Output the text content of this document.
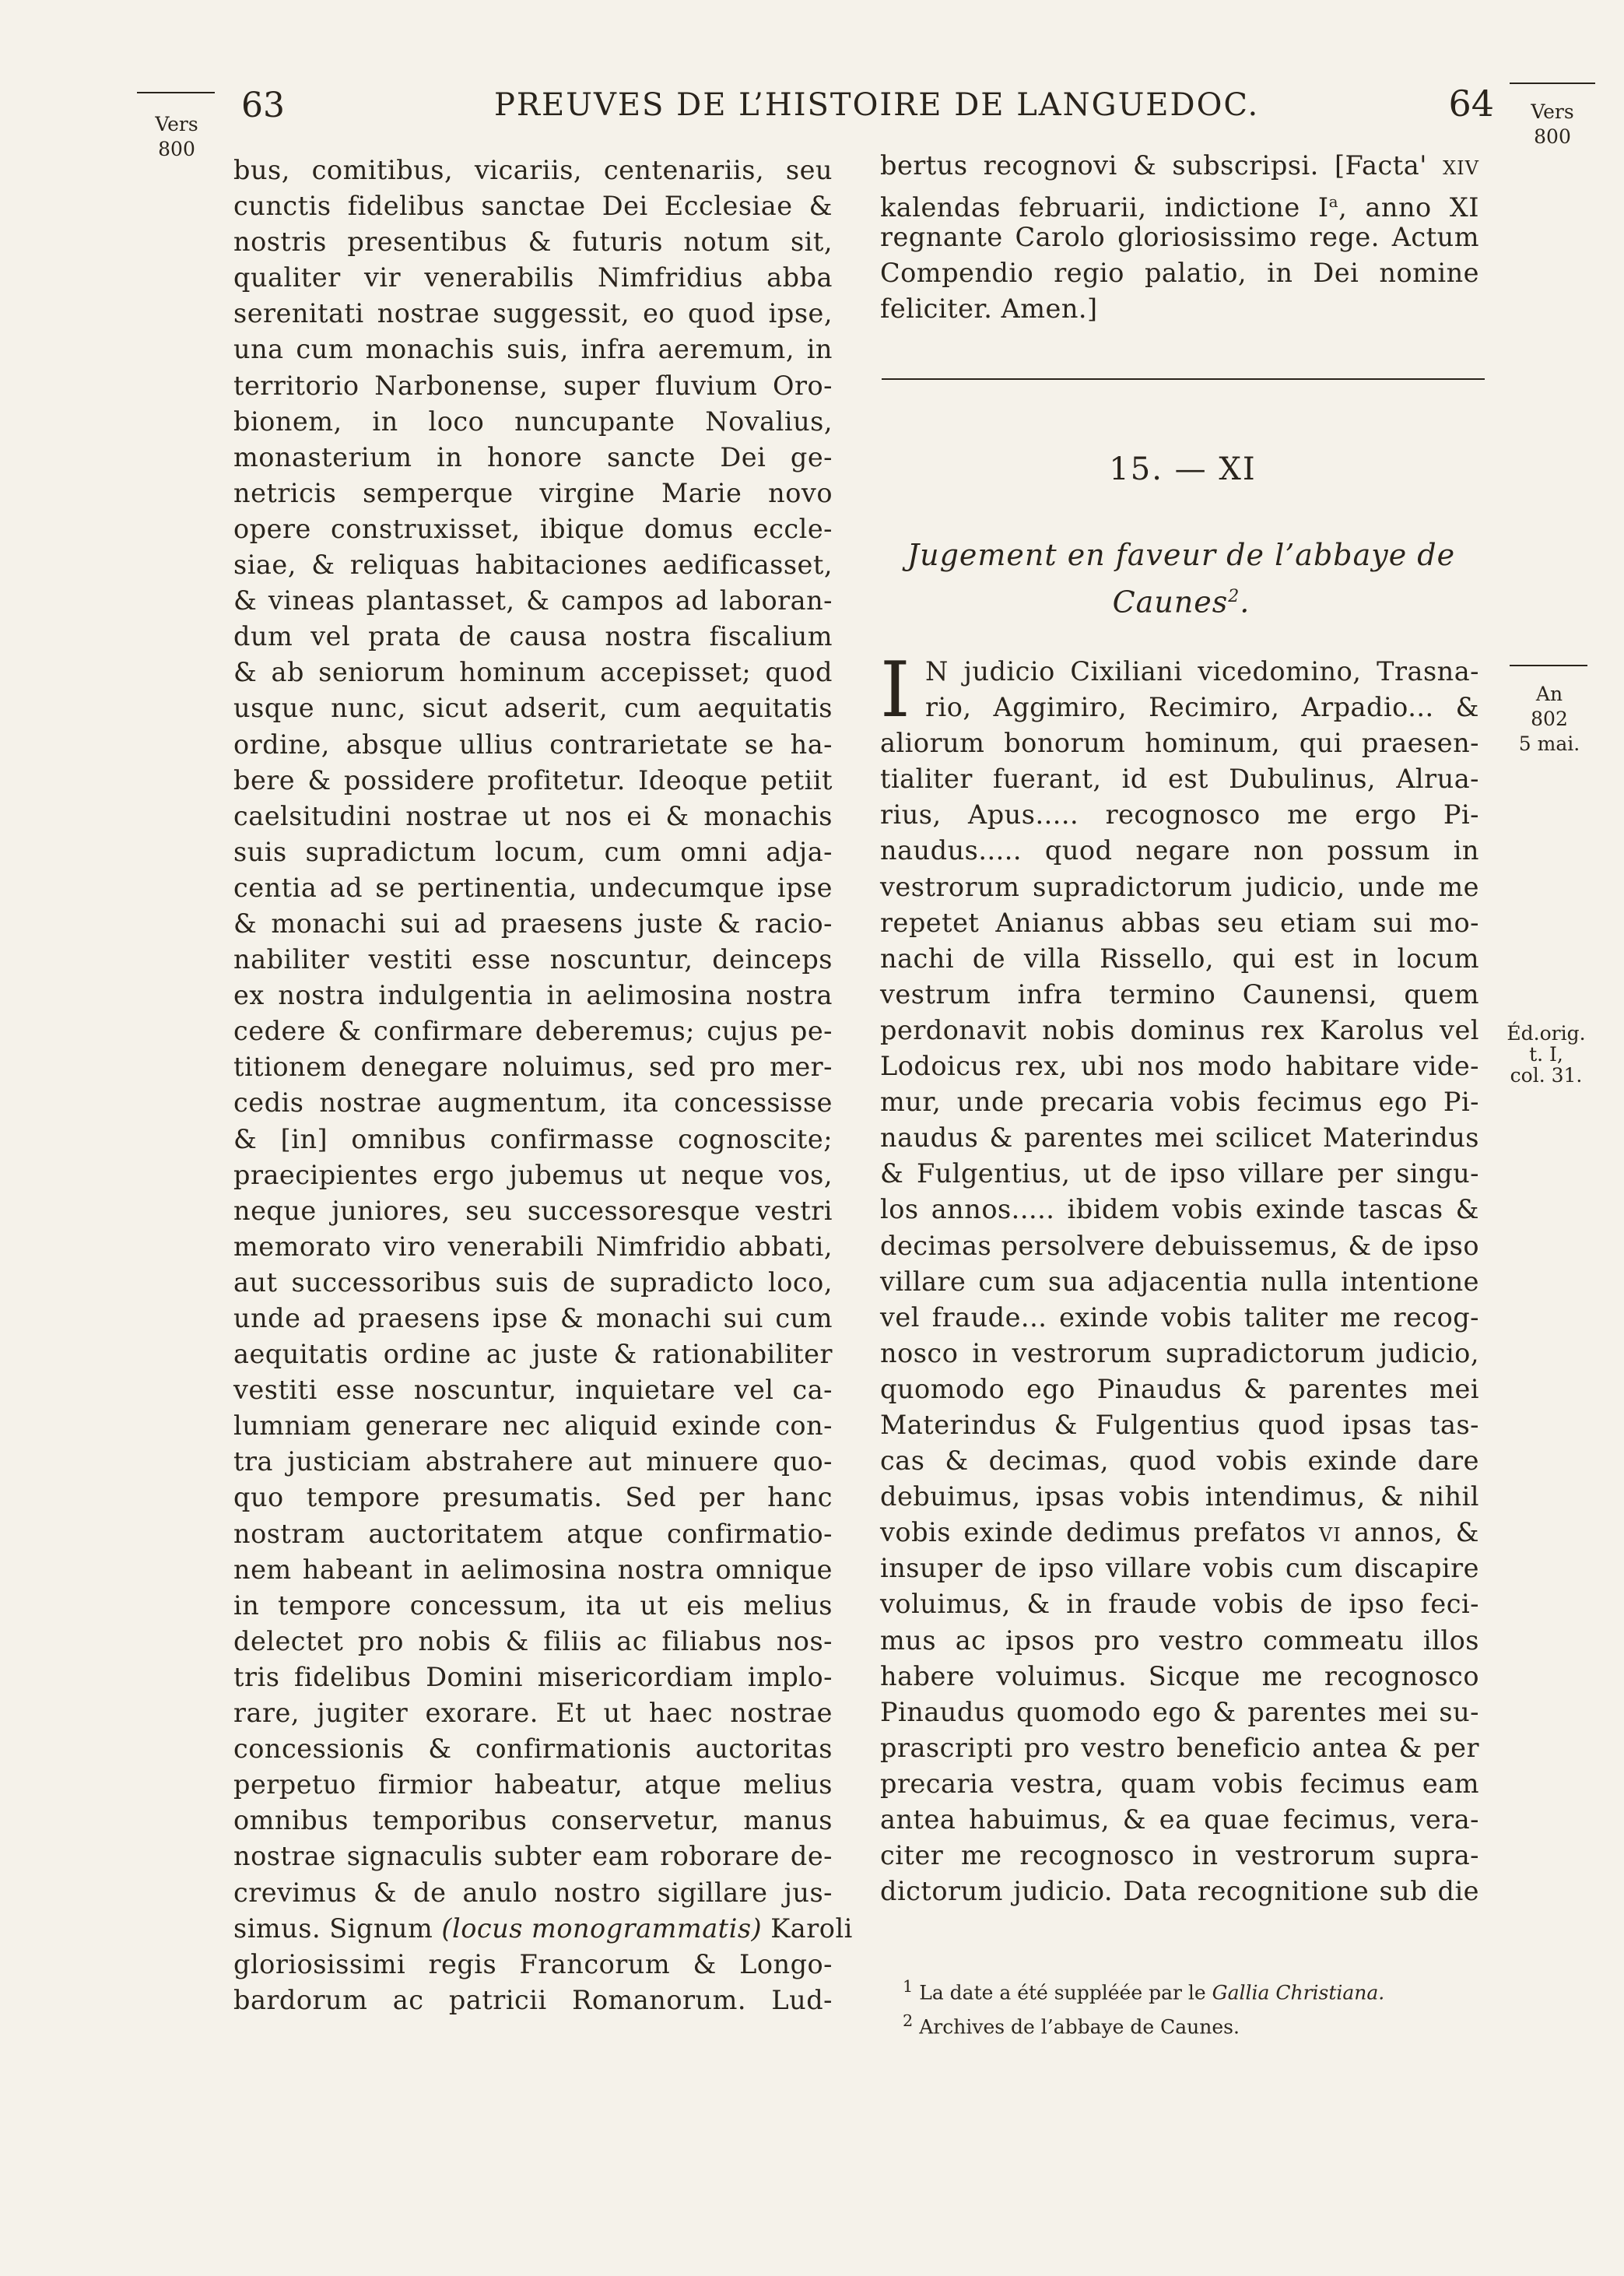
63	PREUVES DE L’HISTOIRE DE LANGUEDOC.	64
Vers
800
Vers
800
An
802
5 mai.
Éd.orig.
t. I,
col. 31.
bus, comitibus, vicariis, centenariis, seu
cunctis fidelibus sanctae Dei Ecclesiae &
nostris presentibus & futuris notum sit,
qualiter vir venerabilis Nimfridius abba
serenitati nostrae suggessit, eo quod ipse,
una cum monachis suis, infra aeremum, in
territorio Narbonense, super fluvium Oro-
bionem, in loco nuncupante Novalius,
monasterium in honore sancte Dei ge-
netricis semperque virgine Marie novo
opere construxisset, ibique domus eccle-
siae, & reliquas habitaciones aedificasset,
& vineas plantasset, & campos ad laboran-
dum vel prata de causa nostra fiscalium
& ab seniorum hominum accepisset; quod
usque nunc, sicut adserit, cum aequitatis
ordine, absque ullius contrarietate se ha-
bere & possidere profitetur. Ideoque petiit
caelsitudini nostrae ut nos ei & monachis
suis supradictum locum, cum omni adja-
centia ad se pertinentia, undecumque ipse
& monachi sui ad praesens juste & racio-
nabiliter vestiti esse noscuntur, deinceps
ex nostra indulgentia in aelimosina nostra
cedere & confirmare deberemus; cujus pe-
titionem denegare noluimus, sed pro mer-
cedis nostrae augmentum, ita concessisse
& [in] omnibus confirmasse cognoscite;
praecipientes ergo jubemus ut neque vos,
neque juniores, seu successoresque vestri
memorato viro venerabili Nimfridio abbati,
aut successoribus suis de supradicto loco,
unde ad praesens ipse & monachi sui cum
aequitatis ordine ac juste & rationabiliter
vestiti esse noscuntur, inquietare vel ca-
lumniam generare nec aliquid exinde con-
tra justiciam abstrahere aut minuere quo-
quo tempore presumatis. Sed per hanc
nostram auctoritatem atque confirmatio-
nem habeant in aelimosina nostra omnique
in tempore concessum, ita ut eis melius
delectet pro nobis & filiis ac filiabus nos-
tris fidelibus Domini misericordiam implo-
rare, jugiter exorare. Et ut haec nostrae
concessionis & confirmationis auctoritas
perpetuo firmior habeatur, atque melius
omnibus temporibus conservetur, manus
nostrae signaculis subter eam roborare de-
crevimus & de anulo nostro sigillare jus-
simus. Signum (locus monogrammatis) Karoli
gloriosissimi regis Francorum & Longo-
bardorum ac patricii Romanorum. Lud-
bertus recognovi & subscripsi. [Facta' XIV
kalendas februarii, indictione $I^a$, anno XI
regnante Carolo gloriosissimo rege. Actum
Compendio regio palatio, in Dei nomine
feliciter. Amen.]
15. — XI
Jugement en faveur de l’abbaye de
Caunes$^2$.
I N judicio Cixiliani vicedomino, Trasna-
rio, Aggimiro, Recimiro, Arpadio... &
aliorum bonorum hominum, qui praesen-
tialiter fuerant, id est Dubulinus, Alrua-
rius, Apus..... recognosco me ergo Pi-
naudus..... quod negare non possum in
vestrorum supradictorum judicio, unde me
repetet Anianus abbas seu etiam sui mo-
nachi de villa Rissello, qui est in locum
vestrum infra termino Caunensi, quem
perdonavit nobis dominus rex Karolus vel
Lodoicus rex, ubi nos modo habitare vide-
mur, unde precaria vobis fecimus ego Pi-
naudus & parentes mei scilicet Materindus
& Fulgentius, ut de ipso villare per singu-
los annos..... ibidem vobis exinde tascas &
decimas persolvere debuissemus, & de ipso
villare cum sua adjacentia nulla intentione
vel fraude... exinde vobis taliter me recog-
nosco in vestrorum supradictorum judicio,
quomodo ego Pinaudus & parentes mei
Materindus & Fulgentius quod ipsas tas-
cas & decimas, quod vobis exinde dare
debuimus, ipsas vobis intendimus, & nihil
vobis exinde dedimus prefatos VI annos, &
insuper de ipso villare vobis cum discapire
voluimus, & in fraude vobis de ipso feci-
mus ac ipsos pro vestro commeatu illos
habere voluimus. Sicque me recognosco
Pinaudus quomodo ego & parentes mei su-
prascripti pro vestro beneficio antea & per
precaria vestra, quam vobis fecimus eam
antea habuimus, & ea quae fecimus, vera-
citer me recognosco in vestrorum supra-
dictorum judicio. Data recognitione sub die
$^1$ La date a été suppléée par le Gallia Christiana.
$^2$ Archives de l’abbaye de Caunes.
